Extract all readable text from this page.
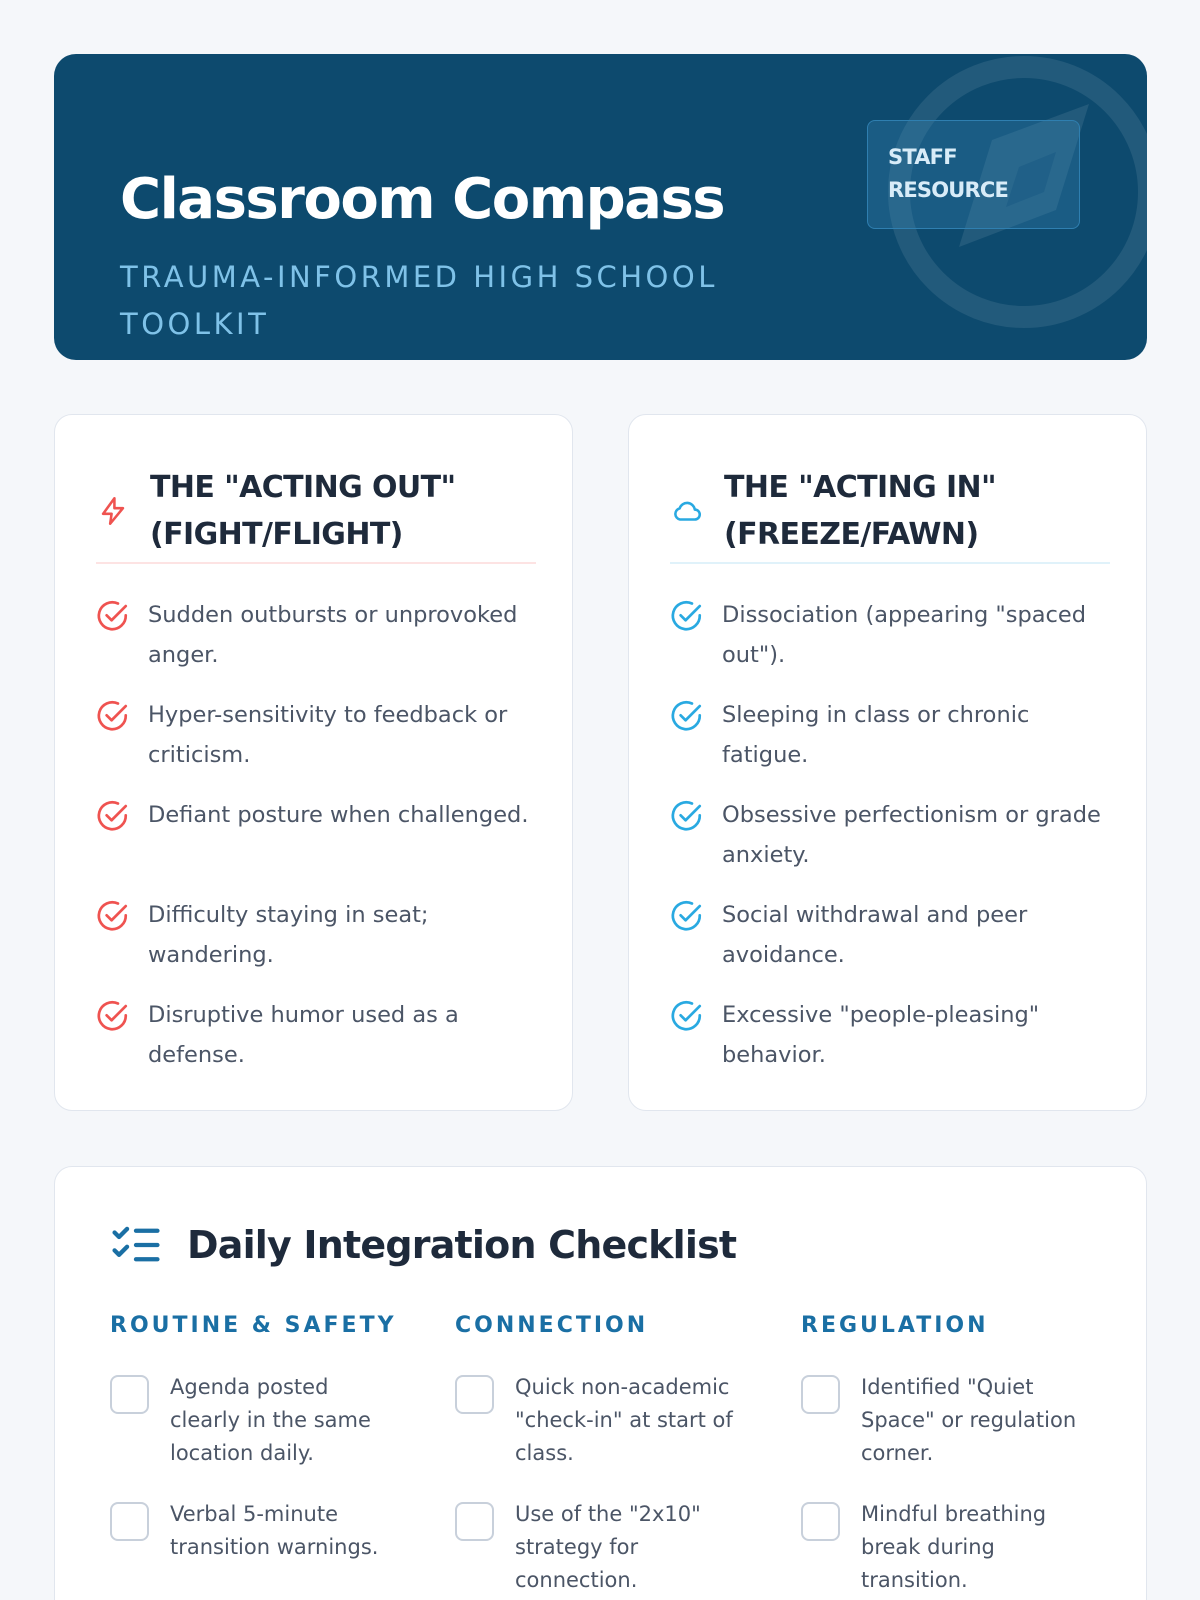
Classroom Compass
TRAUMA-INFORMED HIGH SCHOOL TOOLKIT
STAFF
RESOURCE
THE "ACTING OUT" (FIGHT/FLIGHT)
Sudden outbursts or unprovoked anger.
Hyper-sensitivity to feedback or criticism.
Defiant posture when challenged.
Difficulty staying in seat; wandering.
Disruptive humor used as a defense.
THE "ACTING IN" (FREEZE/FAWN)
Dissociation (appearing "spaced out").
Sleeping in class or chronic fatigue.
Obsessive perfectionism or grade anxiety.
Social withdrawal and peer avoidance.
Excessive "people-pleasing" behavior.
Daily Integration Checklist
ROUTINE & SAFETY
Agenda posted clearly in the same location daily.
Verbal 5-minute transition warnings.
CONNECTION
Quick non-academic "check-in" at start of class.
Use of the "2x10" strategy for connection.
REGULATION
Identified "Quiet Space" or regulation corner.
Mindful breathing break during transition.
